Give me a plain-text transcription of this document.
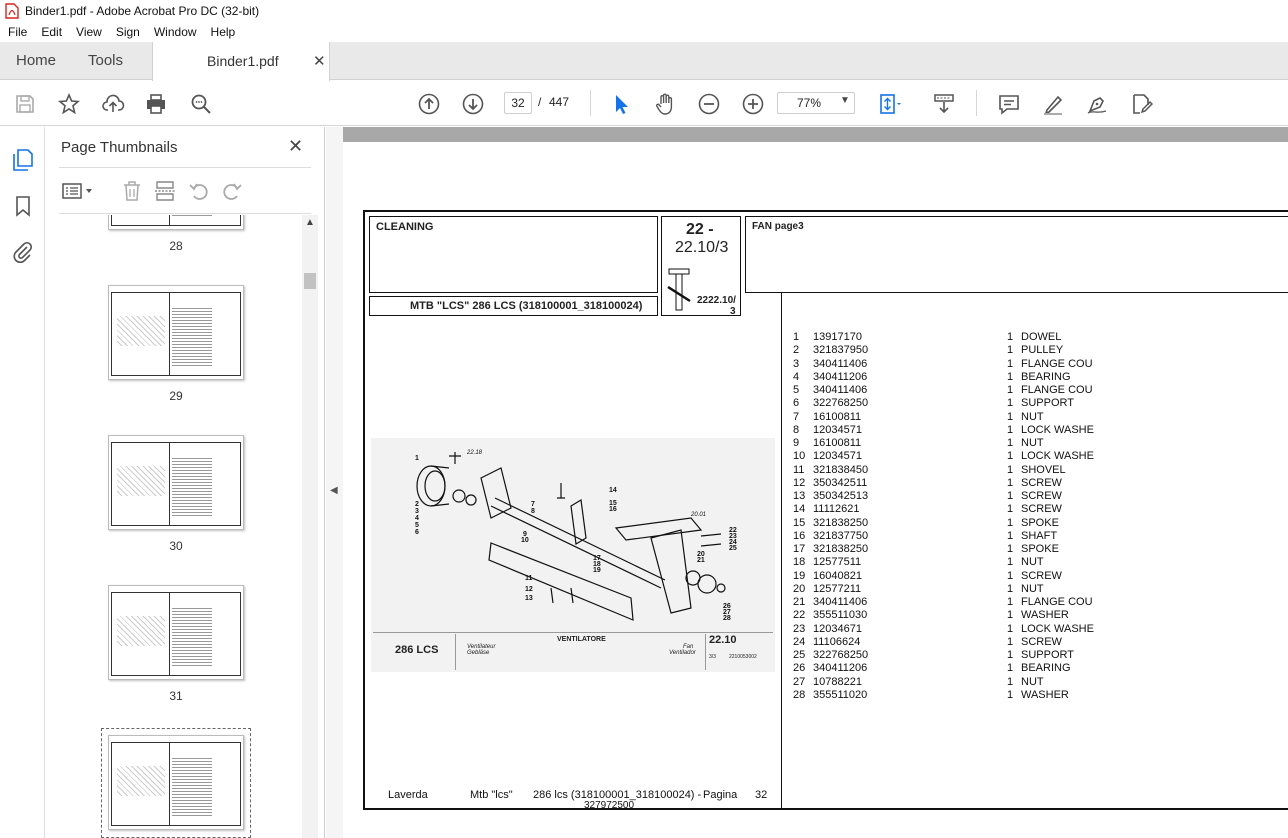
Binder1.pdf - Adobe Acrobat Pro DC (32-bit)
File	Edit	View	Sign	Window	Help
Home Tools	Binder1.pdf ✕
32	/ 447	77% ▼
Page Thumbnails	✕
28
29
30
31
▲
◀
CLEANING
MTB "LCS" 286 LCS (318100001_318100024)
22 -
22.10/3
2222.10/
3
FAN page3
1
2
3
4
5
6
7
8
9
10
11
12
13
14
15
16
17
18
19
20
21
22
23
24
25
26
27
28
22.18
20.01
286 LCS
VENTILATORE
Ventilateur
Gebläse
Fan
Ventilador
22.10
3/3	2210053002
1 13917170	1 DOWEL
2 321837950	1 PULLEY
3 340411406	1 FLANGE COU
4 340411206	1 BEARING
5 340411406	1 FLANGE COU
6 322768250	1 SUPPORT
7 16100811	1 NUT
8 12034571	1 LOCK WASHE
9 16100811	1 NUT
10 12034571	1 LOCK WASHE
11 321838450	1 SHOVEL
12 350342511	1 SCREW
13 350342513	1 SCREW
14 11112621	1 SCREW
15 321838250	1 SPOKE
16 321837750	1 SHAFT
17 321838250	1 SPOKE
18 12577511	1 NUT
19 16040821	1 SCREW
20 12577211	1 NUT
21 340411406	1 FLANGE COU
22 355511030	1 WASHER
23 12034671	1 LOCK WASHE
24 11106624	1 SCREW
25 322768250	1 SUPPORT
26 340411206	1 BEARING
27 10788221	1 NUT
28 355511020	1 WASHER
Laverda	Mtb "lcs" 286 lcs (318100001_318100024) -
327972500
Pagina 32
